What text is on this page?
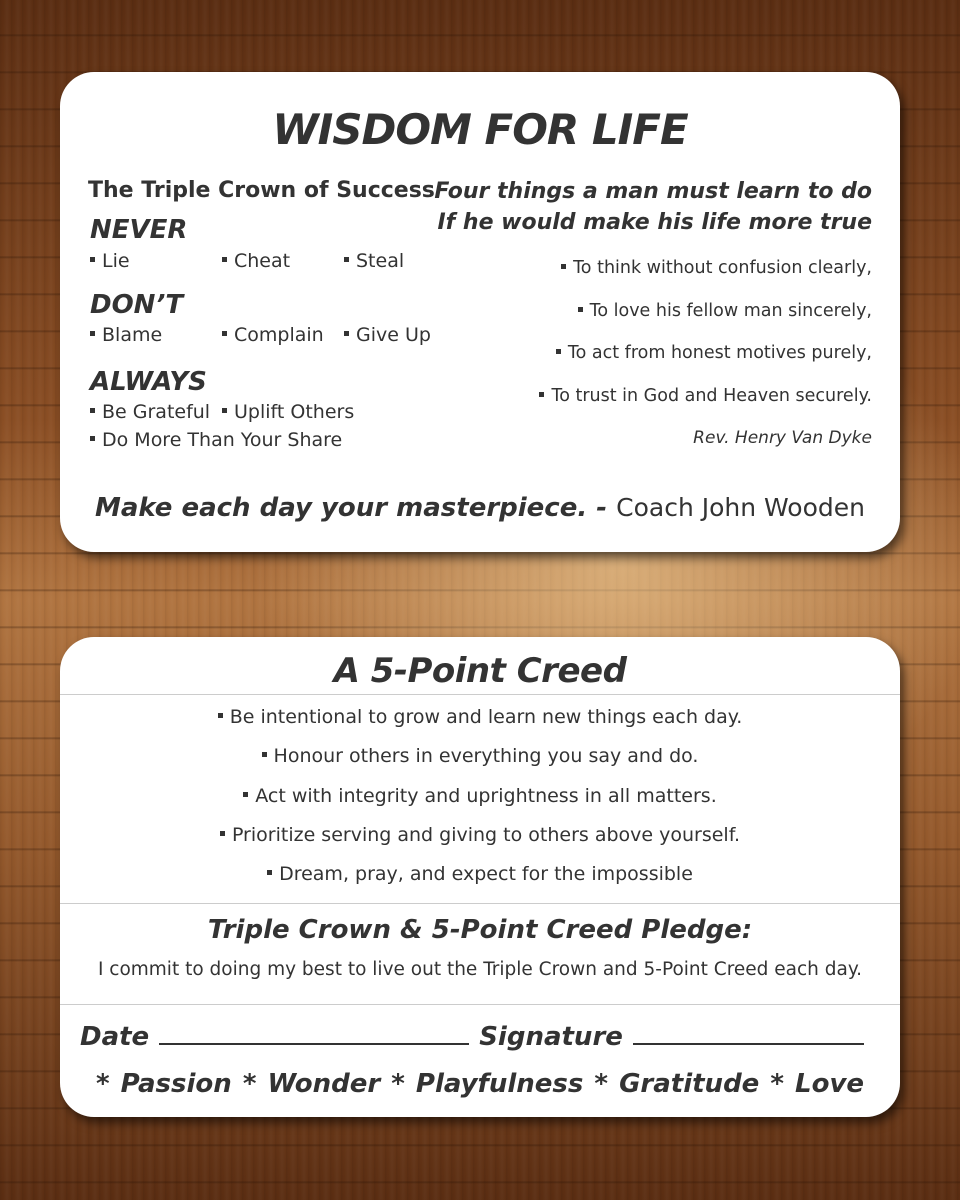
WISDOM FOR LIFE
The Triple Crown of Success
NEVER
Lie	Cheat	Steal
DON’T
Blame	Complain	Give Up
ALWAYS
Be Grateful	Uplift Others
Do More Than Your Share
Four things a man must learn to do
If he would make his life more true
To think without confusion clearly,
To love his fellow man sincerely,
To act from honest motives purely,
To trust in God and Heaven securely.
Rev. Henry Van Dyke
Make each day your masterpiece. - Coach John Wooden
A 5-Point Creed
Be intentional to grow and learn new things each day.
Honour others in everything you say and do.
Act with integrity and uprightness in all matters.
Prioritize serving and giving to others above yourself.
Dream, pray, and expect for the impossible
Triple Crown & 5-Point Creed Pledge:
I commit to doing my best to live out the Triple Crown and 5-Point Creed each day.
Date	Signature
* Passion * Wonder * Playfulness * Gratitude * Love
